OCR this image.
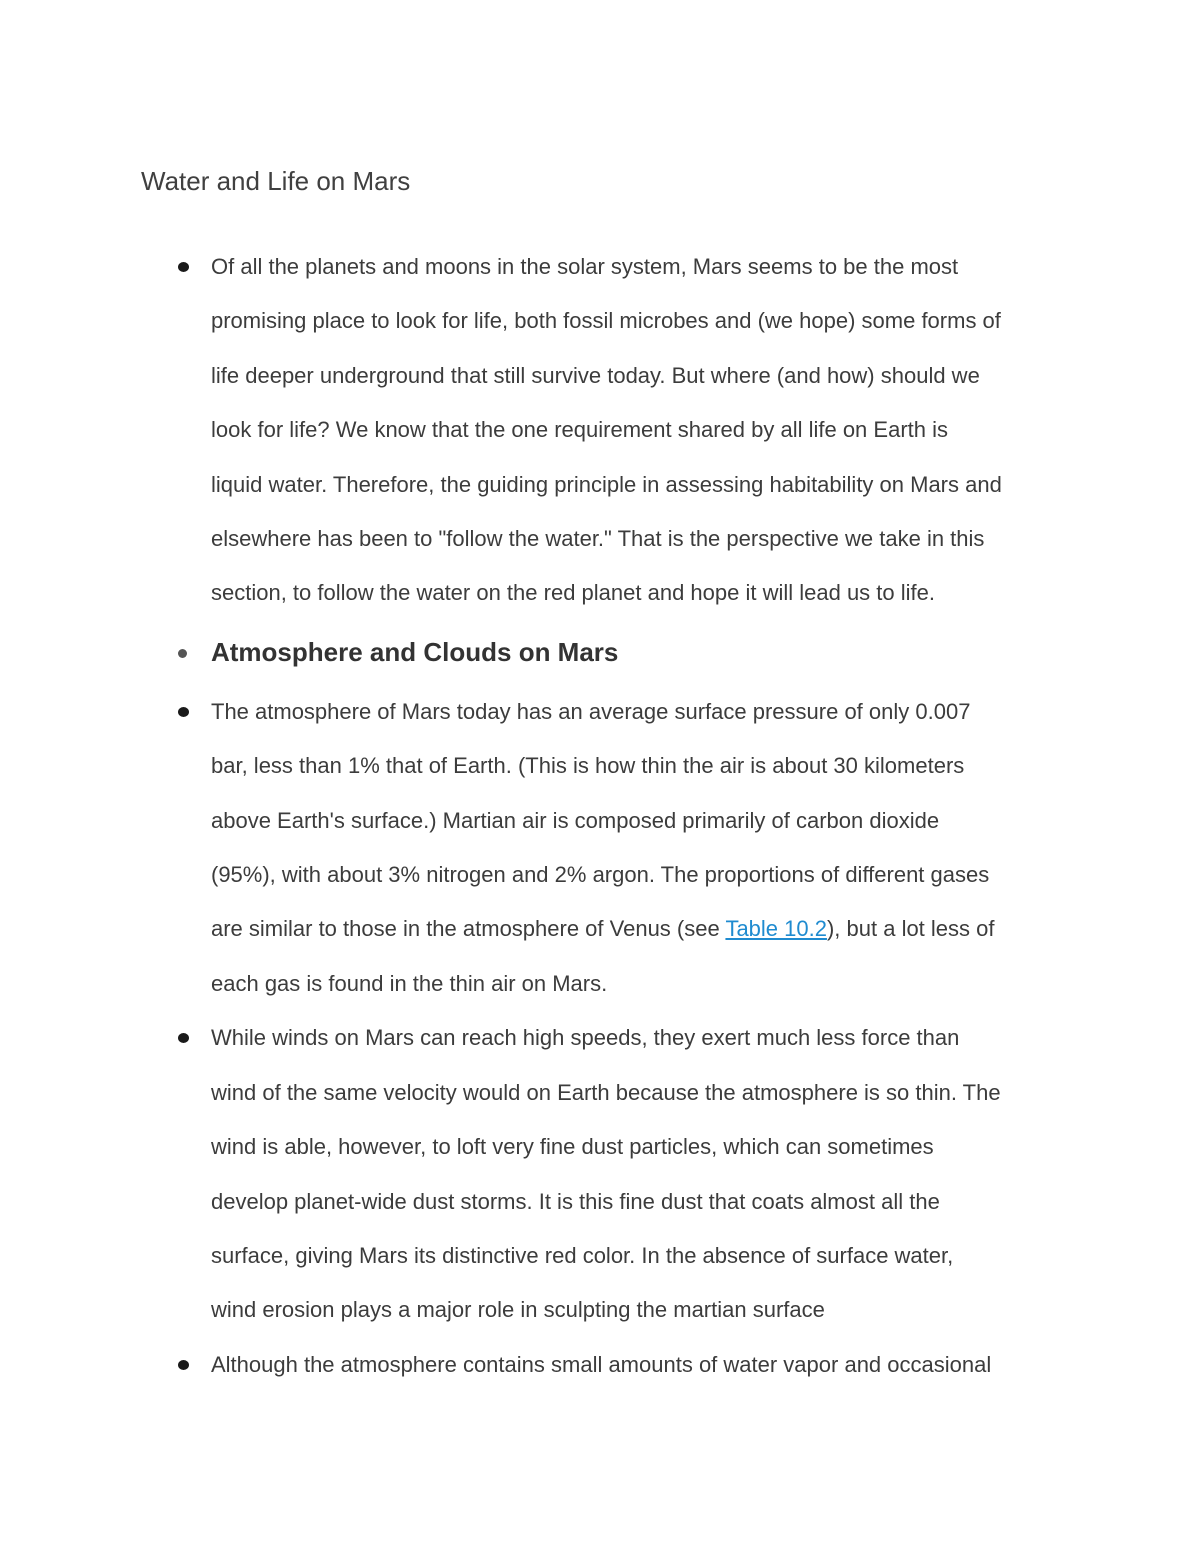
Water and Life on Mars
Of all the planets and moons in the solar system, Mars seems to be the most
promising place to look for life, both fossil microbes and (we hope) some forms of
life deeper underground that still survive today. But where (and how) should we
look for life? We know that the one requirement shared by all life on Earth is
liquid water. Therefore, the guiding principle in assessing habitability on Mars and
elsewhere has been to "follow the water." That is the perspective we take in this
section, to follow the water on the red planet and hope it will lead us to life.
Atmosphere and Clouds on Mars
The atmosphere of Mars today has an average surface pressure of only 0.007
bar, less than 1% that of Earth. (This is how thin the air is about 30 kilometers
above Earth's surface.) Martian air is composed primarily of carbon dioxide
(95%), with about 3% nitrogen and 2% argon. The proportions of different gases
are similar to those in the atmosphere of Venus (see Table 10.2), but a lot less of
each gas is found in the thin air on Mars.
While winds on Mars can reach high speeds, they exert much less force than
wind of the same velocity would on Earth because the atmosphere is so thin. The
wind is able, however, to loft very fine dust particles, which can sometimes
develop planet-wide dust storms. It is this fine dust that coats almost all the
surface, giving Mars its distinctive red color. In the absence of surface water,
wind erosion plays a major role in sculpting the martian surface
Although the atmosphere contains small amounts of water vapor and occasional
